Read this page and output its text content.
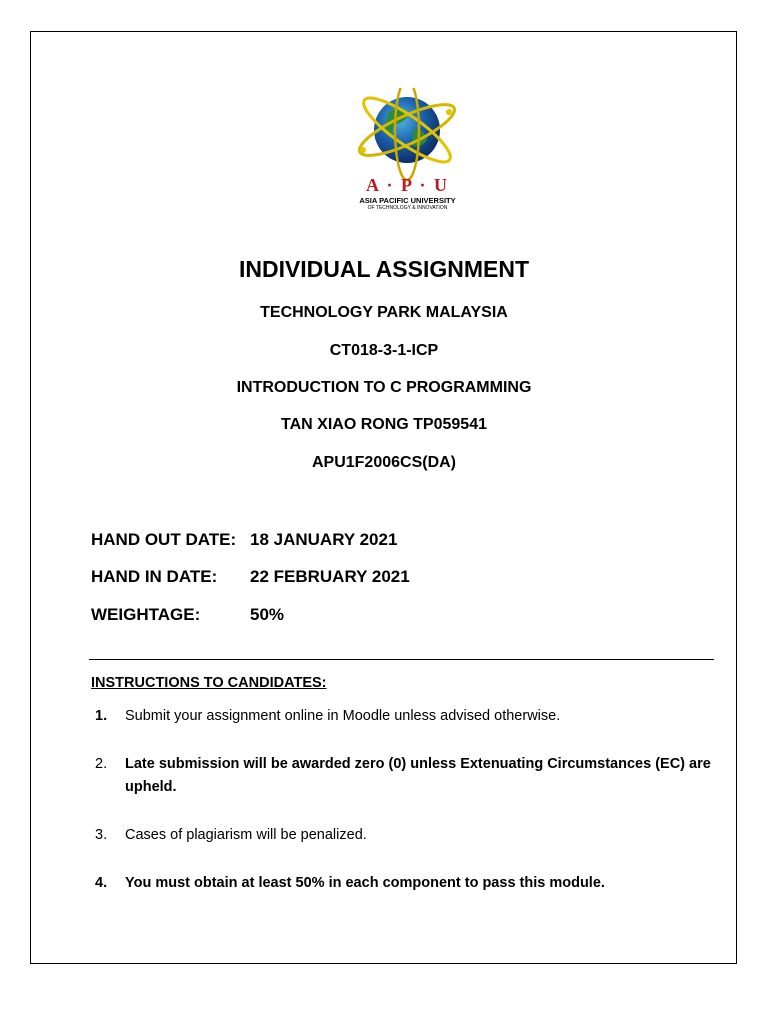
A · P · U
ASIA PACIFIC UNIVERSITY
OF TECHNOLOGY & INNOVATION
INDIVIDUAL ASSIGNMENT
TECHNOLOGY PARK MALAYSIA
CT018-3-1-ICP
INTRODUCTION TO C PROGRAMMING
TAN XIAO RONG TP059541
APU1F2006CS(DA)
HAND OUT DATE: 18 JANUARY 2021
HAND IN DATE: 22 FEBRUARY 2021
WEIGHTAGE:	50%
INSTRUCTIONS TO CANDIDATES:
1. Submit your assignment online in Moodle unless advised otherwise.
2. Late submission will be awarded zero (0) unless Extenuating Circumstances (EC) are upheld.
3. Cases of plagiarism will be penalized.
4. You must obtain at least 50% in each component to pass this module.
